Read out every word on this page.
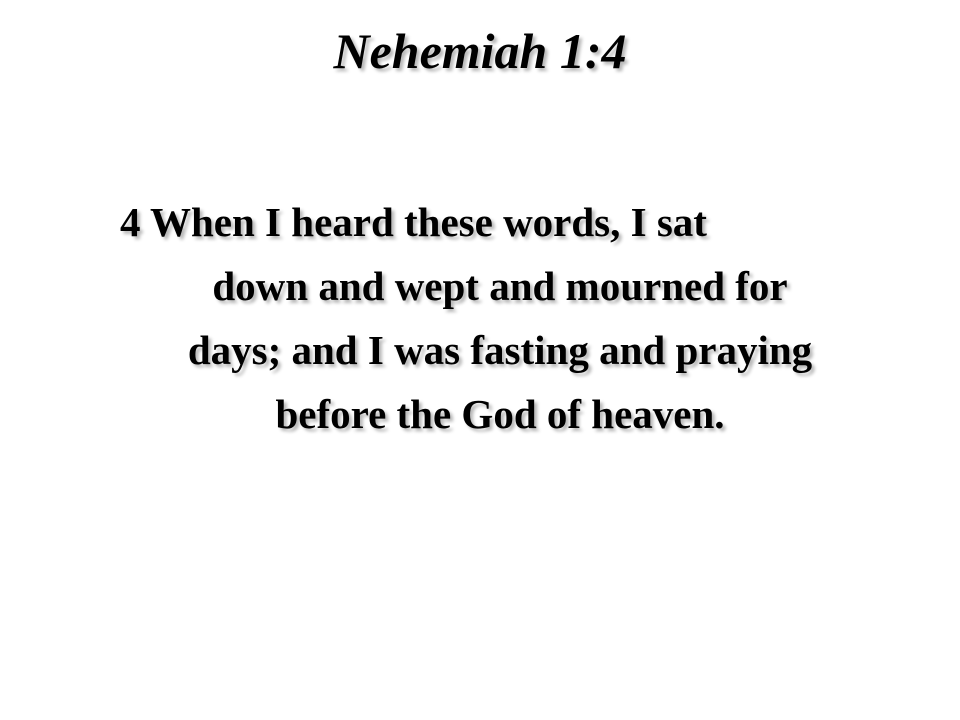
Nehemiah 1:4

4 When I heard these words, I sat
down and wept and mourned for
days; and I was fasting and praying
before the God of heaven.
